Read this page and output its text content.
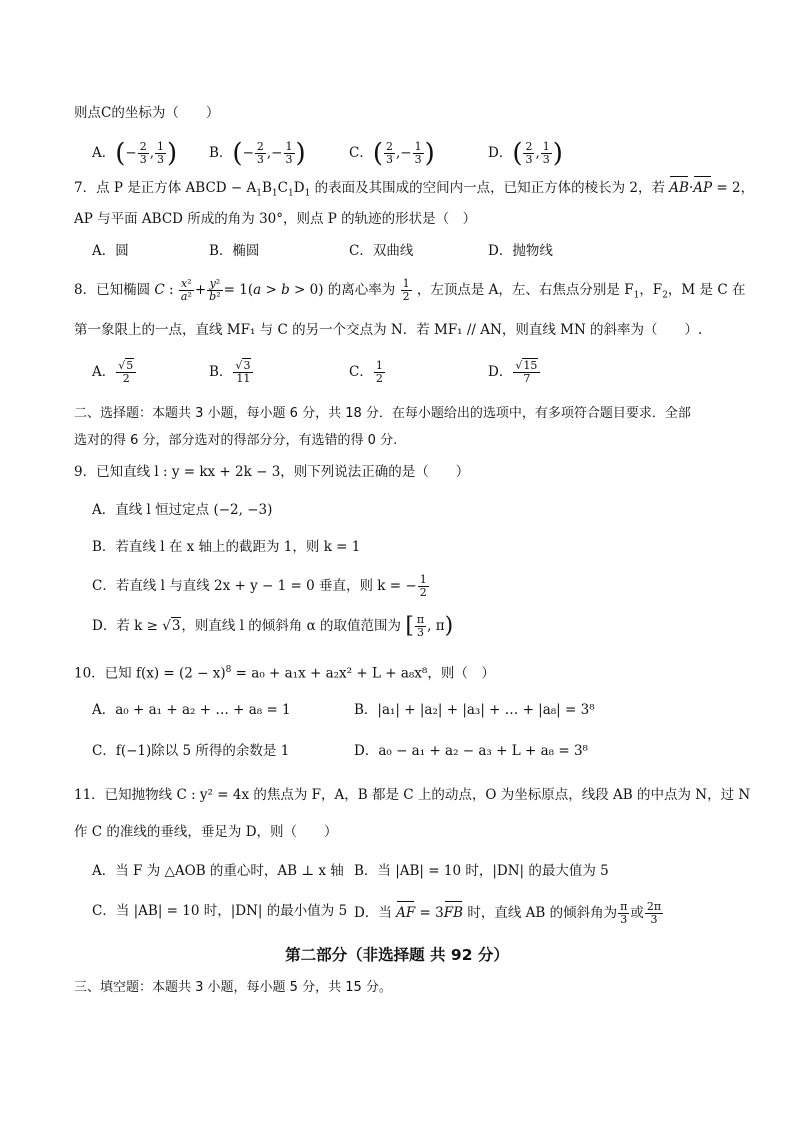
则点C的坐标为（　　）
A．(− $\frac{2}{3}$ , $\frac{1}{3}$ ) B．(− $\frac{2}{3}$ ,− $\frac{1}{3}$ )	C．( $\frac{2}{3}$ ,− $\frac{1}{3}$ )	D．( $\frac{2}{3}$ , $\frac{1}{3}$ )
7．点 P 是正方体 ABCD − $A_1B_1C_1D_1$ 的表面及其围成的空间内一点，已知正方体的棱长为 2，若 AB·AP = 2，
AP 与平面 ABCD 所成的角为 30°，则点 P 的轨迹的形状是（　）
A．圆	B．椭圆	C．双曲线	D．抛物线
8．已知椭圆 C : $\frac{\text{x²}}{\text{a²}} + \frac{\text{y²}}{\text{b²}} = 1(a > b > 0)$ 的离心率为 $\frac{1}{2}$ ，左顶点是 A，左、右焦点分别是 $F_1$，$F_2$，M 是 C 在
第一象限上的一点，直线 MF₁ 与 C 的另一个交点为 N．若 MF₁ // AN，则直线 MN 的斜率为（　　）.
A． $\frac{√5}{2}$	B． $\frac{√3}{11}$	C． $\frac{1}{2}$	D． $\frac{√15}{7}$
二、选择题：本题共 3 小题，每小题 6 分，共 18 分．在每小题给出的选项中，有多项符合题目要求．全部
选对的得 6 分，部分选对的得部分分，有选错的得 0 分.
9．已知直线 l : y = kx + 2k − 3，则下列说法正确的是（　　）
A．直线 l 恒过定点 (−2, −3)
B．若直线 l 在 x 轴上的截距为 1，则 k = 1
C．若直线 l 与直线 2x + y − 1 = 0 垂直，则 k = − $\frac{1}{2}$
D．若 k ≥ √3，则直线 l 的倾斜角 α 的取值范围为 [ $\frac{\pi}{3}$ , π)
10．已知 $f(x) = (2 - x)^8 = a_0 + a_1x + a_2x^2 + L + a_8x^8$，则（　）
A．a₀ + a₁ + a₂ + … + a₈ = 1	B．|a₁| + |a₂| + |a₃| + … + |a₈| = 3⁸
C．f(−1)除以 5 所得的余数是 1	D．a₀ − a₁ + a₂ − a₃ + L + a₈ = 3⁸
11．已知抛物线 C : y² = 4x 的焦点为 F，A，B 都是 C 上的动点，O 为坐标原点，线段 AB 的中点为 N，过 N
作 C 的准线的垂线，垂足为 D，则（　　）
A．当 F 为 △AOB 的重心时，AB ⊥ x 轴 B．当 |AB| = 10 时，|DN| 的最大值为 5
C．当 |AB| = 10 时，|DN| 的最小值为 5 D．当 AF = 3FB 时，直线 AB 的倾斜角为 $\frac{\pi}{3}$ 或 $\frac{2\pi}{3}$
第二部分（非选择题 共 92 分）
三、填空题：本题共 3 小题，每小题 5 分，共 15 分。
